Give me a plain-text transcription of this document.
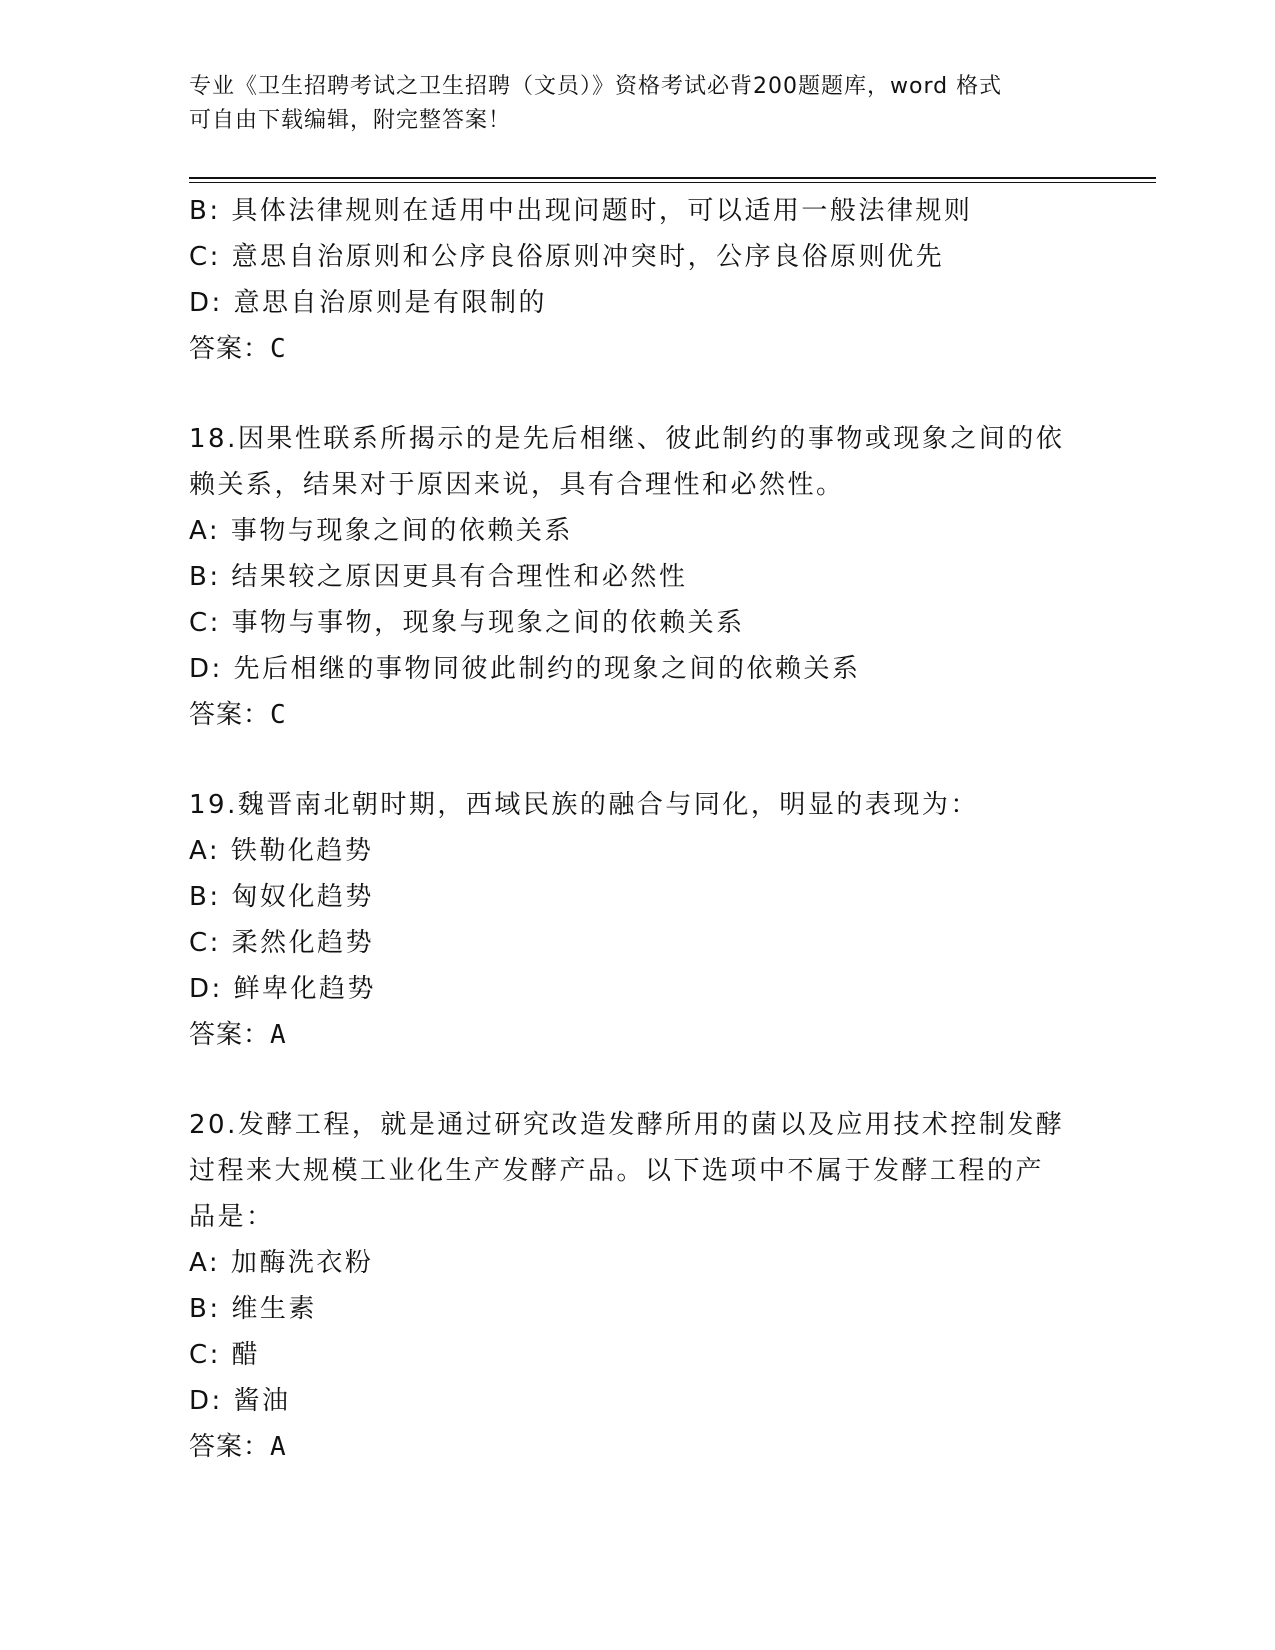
专业《卫生招聘考试之卫生招聘（文员）》资格考试必背200题题库，word 格式
可自由下载编辑，附完整答案！
B: 具体法律规则在适用中出现问题时，可以适用一般法律规则
C: 意思自治原则和公序良俗原则冲突时，公序良俗原则优先
D: 意思自治原则是有限制的
答案：C
18.因果性联系所揭示的是先后相继、彼此制约的事物或现象之间的依
赖关系，结果对于原因来说，具有合理性和必然性。
A: 事物与现象之间的依赖关系
B: 结果较之原因更具有合理性和必然性
C: 事物与事物，现象与现象之间的依赖关系
D: 先后相继的事物同彼此制约的现象之间的依赖关系
答案：C
19.魏晋南北朝时期，西域民族的融合与同化，明显的表现为：
A: 铁勒化趋势
B: 匈奴化趋势
C: 柔然化趋势
D: 鲜卑化趋势
答案：A
20.发酵工程，就是通过研究改造发酵所用的菌以及应用技术控制发酵
过程来大规模工业化生产发酵产品。以下选项中不属于发酵工程的产
品是：
A: 加酶洗衣粉
B: 维生素
C: 醋
D: 酱油
答案：A
